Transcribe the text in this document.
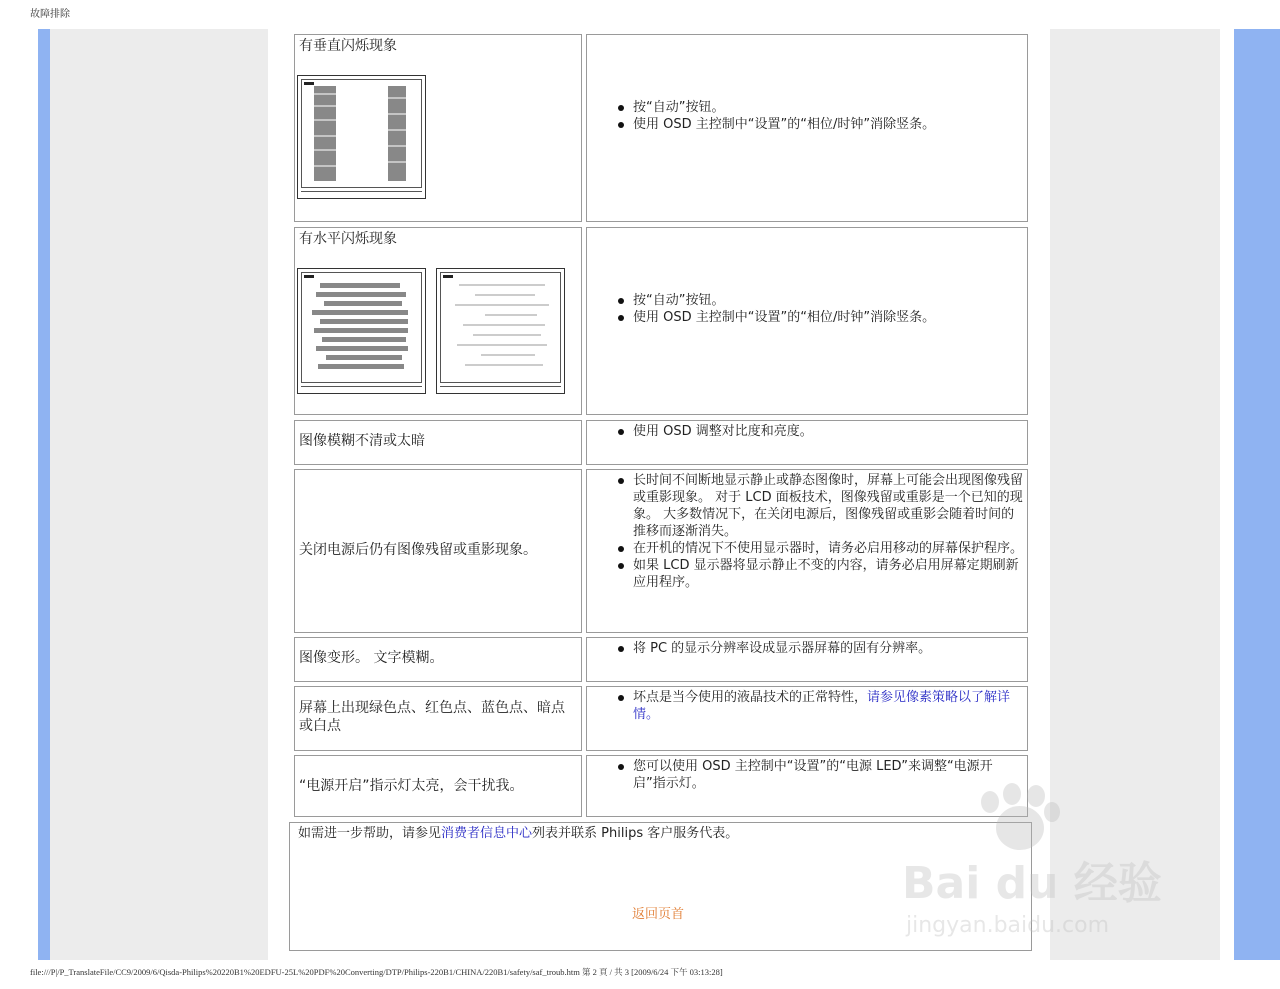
故障排除
有垂直闪烁现象
按“自动”按钮。
使用 OSD 主控制中“设置”的“相位/时钟”消除竖条。
有水平闪烁现象
按“自动”按钮。
使用 OSD 主控制中“设置”的“相位/时钟”消除竖条。
图像模糊不清或太暗
使用 OSD 调整对比度和亮度。
关闭电源后仍有图像残留或重影现象。
长时间不间断地显示静止或静态图像时，屏幕上可能会出现图像残留或重影现象。 对于 LCD 面板技术，图像残留或重影是一个已知的现象。 大多数情况下，在关闭电源后，图像残留或重影会随着时间的推移而逐渐消失。
在开机的情况下不使用显示器时，请务必启用移动的屏幕保护程序。
如果 LCD 显示器将显示静止不变的内容，请务必启用屏幕定期刷新应用程序。
图像变形。 文字模糊。
将 PC 的显示分辨率设成显示器屏幕的固有分辨率。
屏幕上出现绿色点、红色点、蓝色点、暗点或白点
坏点是当今使用的液晶技术的正常特性，请参见像素策略以了解详情。
“电源开启”指示灯太亮，会干扰我。
您可以使用 OSD 主控制中“设置”的“电源 LED”来调整“电源开启”指示灯。
如需进一步帮助，请参见消费者信息中心列表并联系 Philips 客户服务代表。
返回页首
Bai du 经验
jingyan.baidu.com
file:///P|/P_TranslateFile/CC9/2009/6/Qisda-Philips%20220B1%20EDFU-25L%20PDF%20Converting/DTP/Philips-220B1/CHINA/220B1/safety/saf_troub.htm 第 2 頁 / 共 3 [2009/6/24 下午 03:13:28]
